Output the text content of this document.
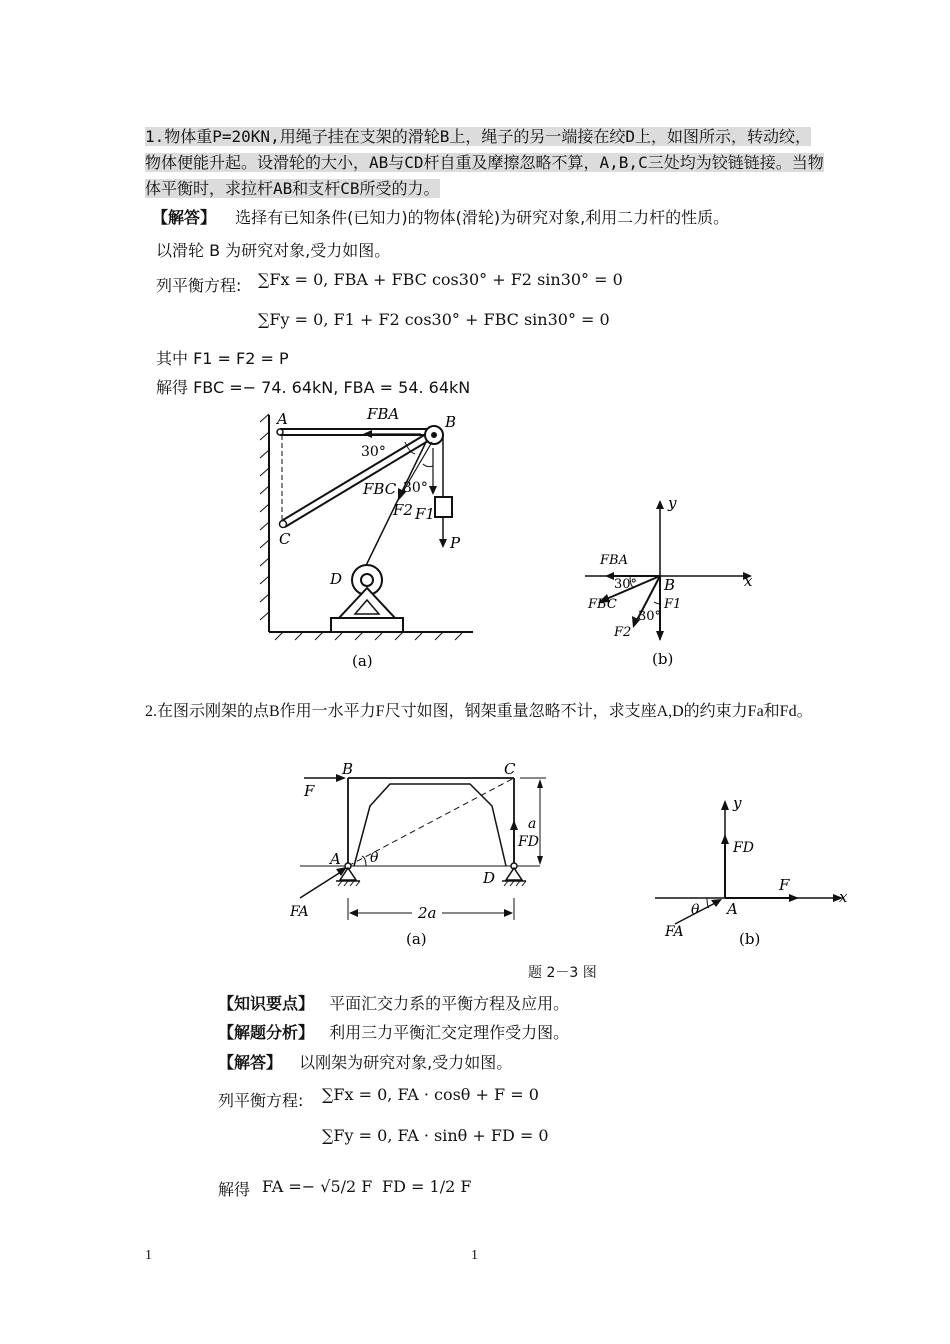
1.物体重P=20KN,用绳子挂在支架的滑轮B上，绳子的另一端接在绞D上，如图所示，转动绞，物体便能升起。设滑轮的大小，AB与CD杆自重及摩擦忽略不算，A,B,C三处均为铰链链接。当物体平衡时，求拉杆AB和支杆CB所受的力。
【解答】 选择有已知条件(已知力)的物体(滑轮)为研究对象,利用二力杆的性质。
以滑轮 B 为研究对象,受力如图。
列平衡方程: ∑Fx = 0, FBA + FBC cos30° + F2 sin30° = 0
∑Fy = 0, F1 + F2 cos30° + FBC sin30° = 0
其中 F1 = F2 = P
解得 FBC =− 74. 64kN, FBA = 54. 64kN
A	B
C
D
P
FBA
FBC
F2 F1
30°
30°
(a)
y
x
B
FBA
FBC	F1
F2
30°
30°
(b)
2.在图示刚架的点B作用一水平力F尺寸如图，钢架重量忽略不计，求支座A,D的约束力Fa和Fd。
B	C
A
D
F
FA
FD
θ
a
2a
(a)
y
x
FD
F
A
θ
FA	(b)
题 2－3 图
【知识要点】 平面汇交力系的平衡方程及应用。
【解题分析】 利用三力平衡汇交定理作受力图。
【解答】 以刚架为研究对象,受力如图。
列平衡方程: ∑Fx = 0, FA · cosθ + F = 0
∑Fy = 0, FA · sinθ + FD = 0
解得 FA =− √5/2 F FD = 1/2 F
1	1
